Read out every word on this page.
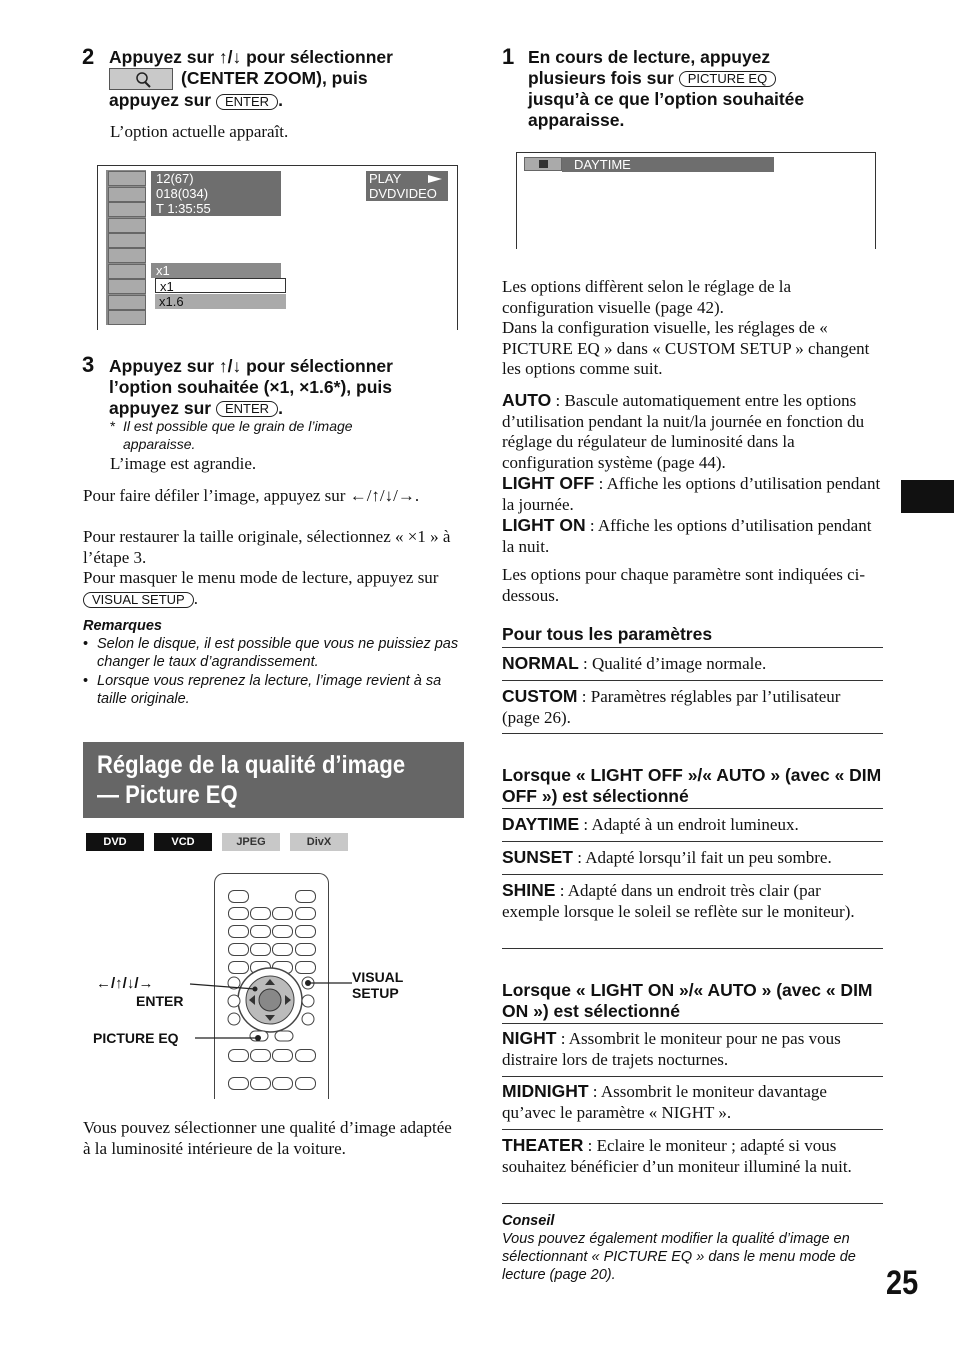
2 Appuyez sur ↑/↓ pour sélectionner
(CENTER ZOOM), puis
appuyez sur ENTER .
L’option actuelle apparaît.
12(67)
018(034)
T 1:35:55
PLAY
DVDVIDEO
x1
x1
x1.6
3 Appuyez sur ↑/↓ pour sélectionner
l’option souhaitée (×1, ×1.6*), puis
appuyez sur ENTER .
* Il est possible que le grain de l’image apparaisse.
L’image est agrandie.
Pour faire défiler l’image, appuyez sur ←/↑/↓/→.
Pour restaurer la taille originale, sélectionnez « ×1 » à l’étape 3.
Pour masquer le menu mode de lecture, appuyez sur VISUAL SETUP .
Remarques
• Selon le disque, il est possible que vous ne puissiez pas changer le taux d’agrandissement.
• Lorsque vous reprenez la lecture, l’image revient à sa taille originale.
Réglage de la qualité d’image
— Picture EQ
DVD	VCD	JPEG	DivX
←/↑/↓/→
ENTER
PICTURE EQ
VISUAL
SETUP
Vous pouvez sélectionner une qualité d’image adaptée à la luminosité intérieure de la voiture.
1 En cours de lecture, appuyez
plusieurs fois sur PICTURE EQ
jusqu’à ce que l’option souhaitée
apparaisse.
DAYTIME
Les options diffèrent selon le réglage de la configuration visuelle (page 42).
Dans la configuration visuelle, les réglages de « PICTURE EQ » dans « CUSTOM SETUP » changent les options comme suit.
AUTO : Bascule automatiquement entre les options d’utilisation pendant la nuit/la journée en fonction du réglage du régulateur de luminosité dans la configuration système (page 44).
LIGHT OFF : Affiche les options d’utilisation pendant la journée.
LIGHT ON : Affiche les options d’utilisation pendant la nuit.
Les options pour chaque paramètre sont indiquées ci-dessous.
Pour tous les paramètres
NORMAL : Qualité d’image normale.
CUSTOM : Paramètres réglables par l’utilisateur (page 26).
Lorsque « LIGHT OFF »/« AUTO » (avec « DIM OFF ») est sélectionné
DAYTIME : Adapté à un endroit lumineux.
SUNSET : Adapté lorsqu’il fait un peu sombre.
SHINE : Adapté dans un endroit très clair (par exemple lorsque le soleil se reflète sur le moniteur).
Lorsque « LIGHT ON »/« AUTO » (avec « DIM ON ») est sélectionné
NIGHT : Assombrit le moniteur pour ne pas vous distraire lors de trajets nocturnes.
MIDNIGHT : Assombrit le moniteur davantage qu’avec le paramètre « NIGHT ».
THEATER : Eclaire le moniteur ; adapté si vous souhaitez bénéficier d’un moniteur illuminé la nuit.
Conseil
Vous pouvez également modifier la qualité d’image en sélectionnant « PICTURE EQ » dans le menu mode de lecture (page 20).	25
